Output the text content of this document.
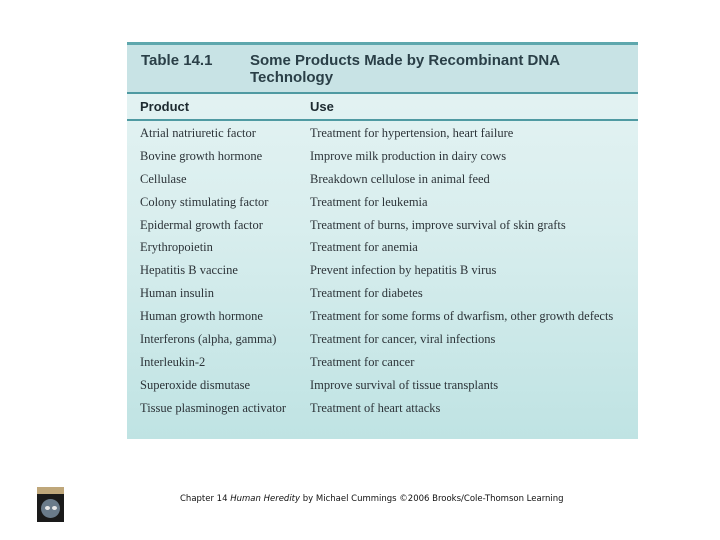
Table 14.1	Some Products Made by Recombinant DNA Technology
Product	Use
Atrial natriuretic factor	Treatment for hypertension, heart failure
Bovine growth hormone	Improve milk production in dairy cows
Cellulase	Breakdown cellulose in animal feed
Colony stimulating factor	Treatment for leukemia
Epidermal growth factor	Treatment of burns, improve survival of skin grafts
Erythropoietin	Treatment for anemia
Hepatitis B vaccine	Prevent infection by hepatitis B virus
Human insulin	Treatment for diabetes
Human growth hormone	Treatment for some forms of dwarfism, other growth defects
Interferons (alpha, gamma)	Treatment for cancer, viral infections
Interleukin-2	Treatment for cancer
Superoxide dismutase	Improve survival of tissue transplants
Tissue plasminogen activator Treatment of heart attacks
Chapter 14 Human Heredity by Michael Cummings ©2006 Brooks/Cole-Thomson Learning
